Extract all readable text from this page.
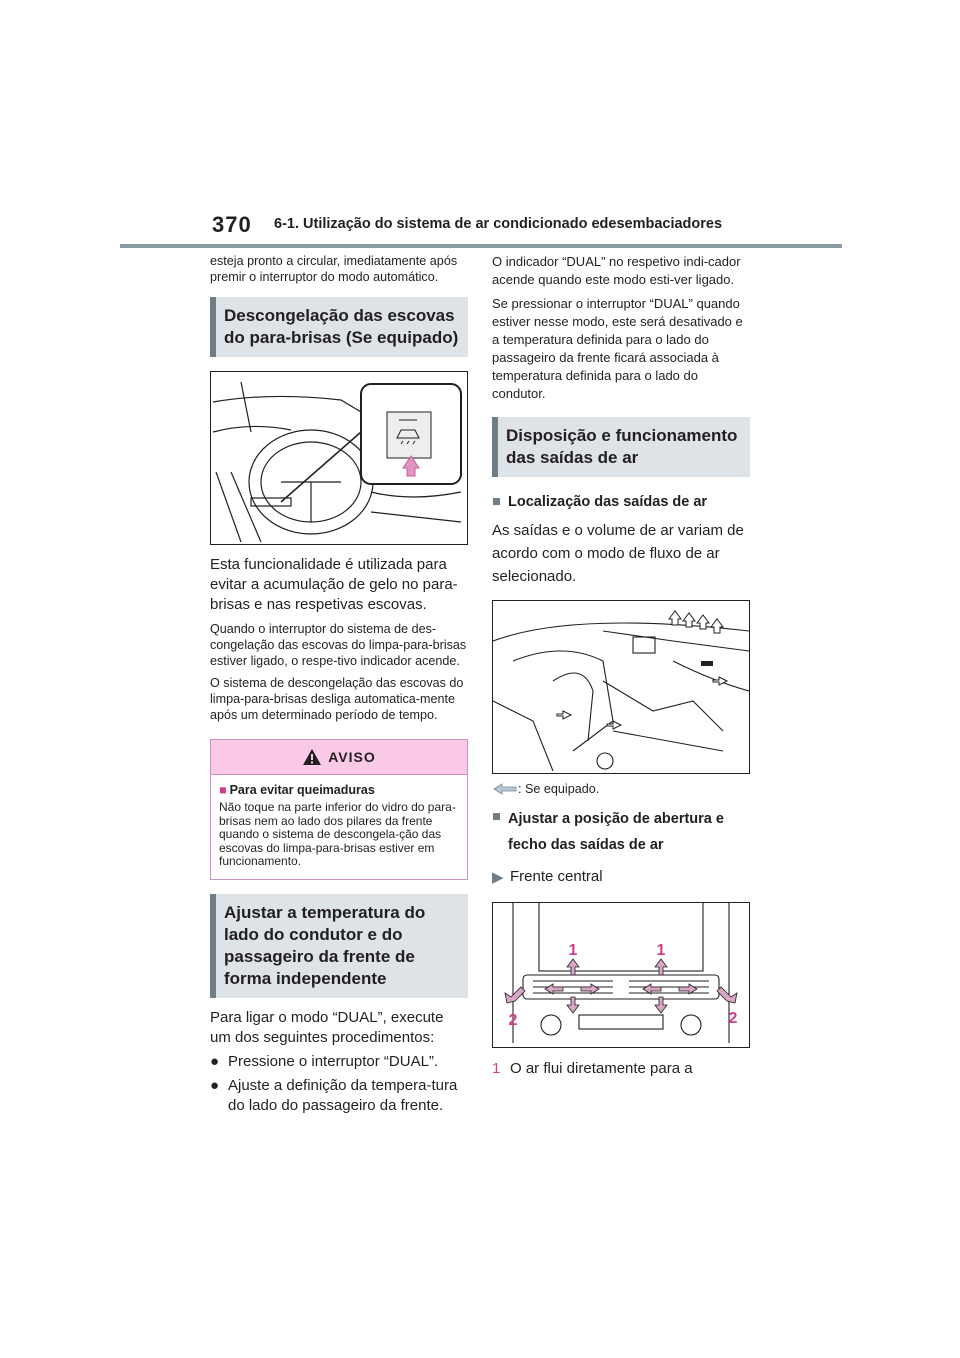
370 6-1. Utilização do sistema de ar condicionado edesembaciadores

esteja pronto a circular, imediatamente após premir o interruptor do modo automático.

Descongelação das escovas do para-brisas (Se equipado)

Esta funcionalidade é utilizada para evitar a acumulação de gelo no para-brisas e nas respetivas escovas.

Quando o interruptor do sistema de des-congelação das escovas do limpa-para-brisas estiver ligado, o respe-tivo indicador acende.

O sistema de descongelação das escovas do limpa-para-brisas desliga automatica-mente após um determinado período de tempo.

AVISO

■ Para evitar queimaduras

Não toque na parte inferior do vidro do para-brisas nem ao lado dos pilares da frente quando o sistema de descongela-ção das escovas do limpa-para-brisas estiver em funcionamento.

Ajustar a temperatura do lado do condutor e do passageiro da frente de forma independente

Para ligar o modo “DUAL”, execute um dos seguintes procedimentos:

● Pressione o interruptor “DUAL”.
● Ajuste a definição da tempera-tura do lado do passageiro da frente.

O indicador “DUAL” no respetivo indi-cador acende quando este modo esti-ver ligado.

Se pressionar o interruptor “DUAL” quando estiver nesse modo, este será desativado e a temperatura definida para o lado do passageiro da frente ficará associada à temperatura definida para o lado do condutor.

Disposição e funcionamento das saídas de ar
■ Localização das saídas de ar

As saídas e o volume de ar variam de acordo com o modo de fluxo de ar selecionado.

: Se equipado.
■ Ajustar a posição de abertura e fecho das saídas de ar
▶ Frente central
1	1
2	2
1 O ar flui diretamente para a
